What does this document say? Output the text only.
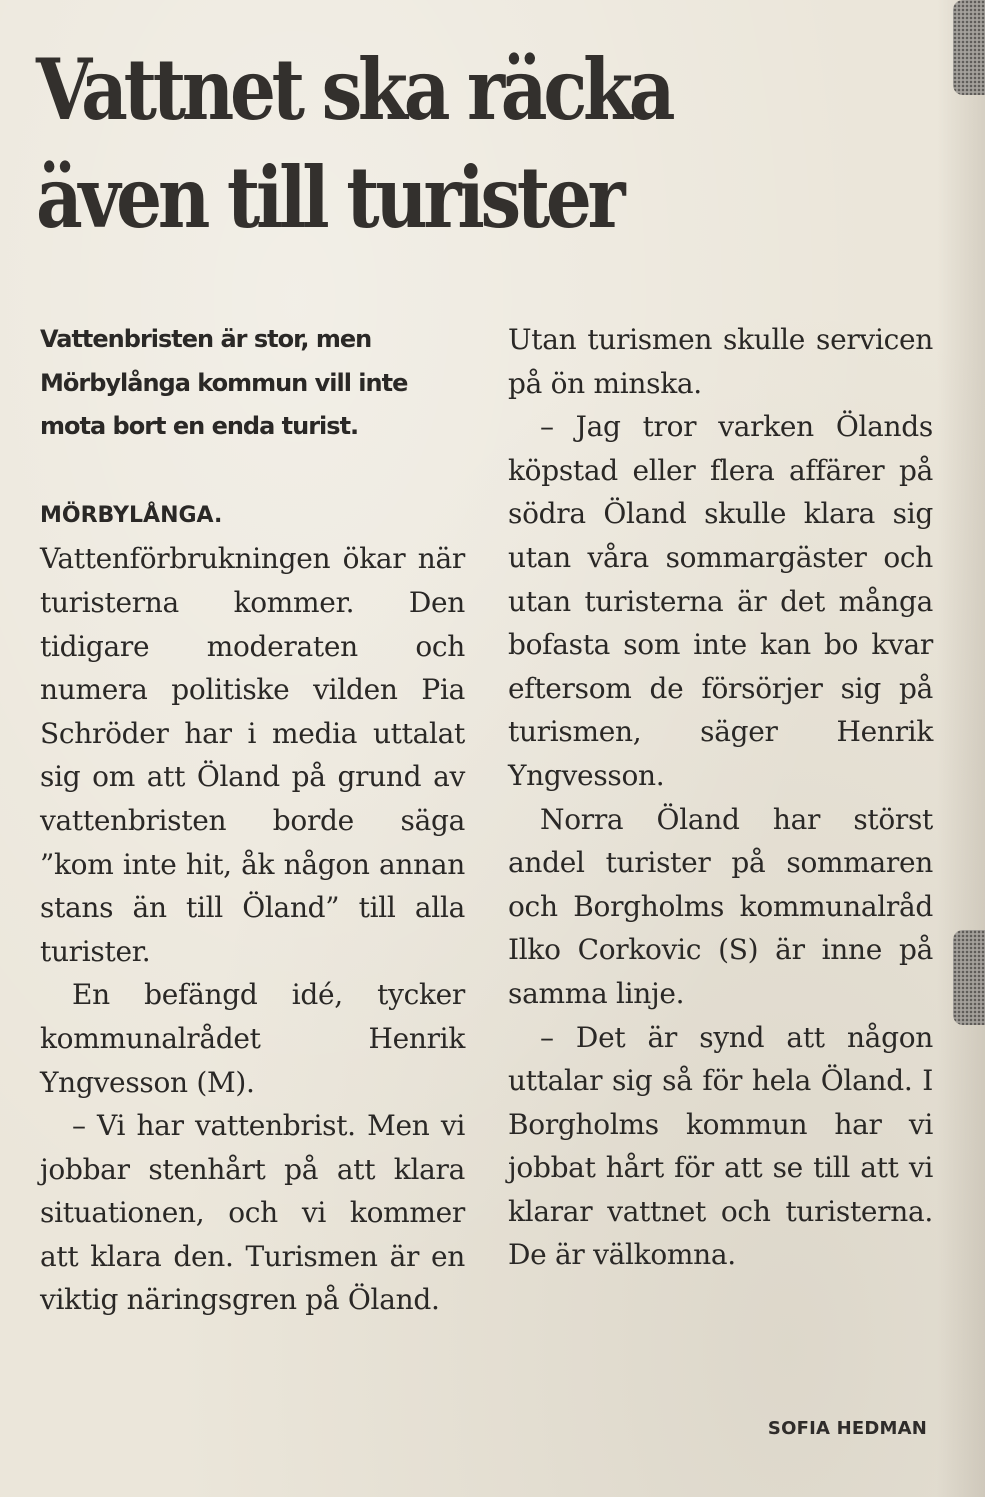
Vattnet ska räcka även till turister

Vattenbristen är stor, men Mörbylånga kommun vill inte mota bort en enda turist.

MÖRBYLÅNGA. Vattenförbrukningen ökar när turisterna kommer. Den tidigare moderaten och numera politiske vilden Pia Schröder har i media uttalat sig om att Öland på grund av vattenbristen borde säga ”kom inte hit, åk någon annan stans än till Öland” till alla turister.

En befängd idé, tycker kommunalrådet Henrik Yngvesson (M).

– Vi har vattenbrist. Men vi jobbar stenhårt på att klara situationen, och vi kommer att klara den. Turismen är en viktig näringsgren på Öland.

Utan turismen skulle servicen på ön minska.

– Jag tror varken Ölands köpstad eller flera affärer på södra Öland skulle klara sig utan våra sommargäster och utan turisterna är det många bofasta som inte kan bo kvar eftersom de försörjer sig på turismen, säger Henrik Yngvesson.

Norra Öland har störst andel turister på sommaren och Borgholms kommunalråd Ilko Corkovic (S) är inne på samma linje.

– Det är synd att någon uttalar sig så för hela Öland. I Borgholms kommun har vi jobbat hårt för att se till att vi klarar vattnet och turisterna. De är välkomna.

SOFIA HEDMAN
